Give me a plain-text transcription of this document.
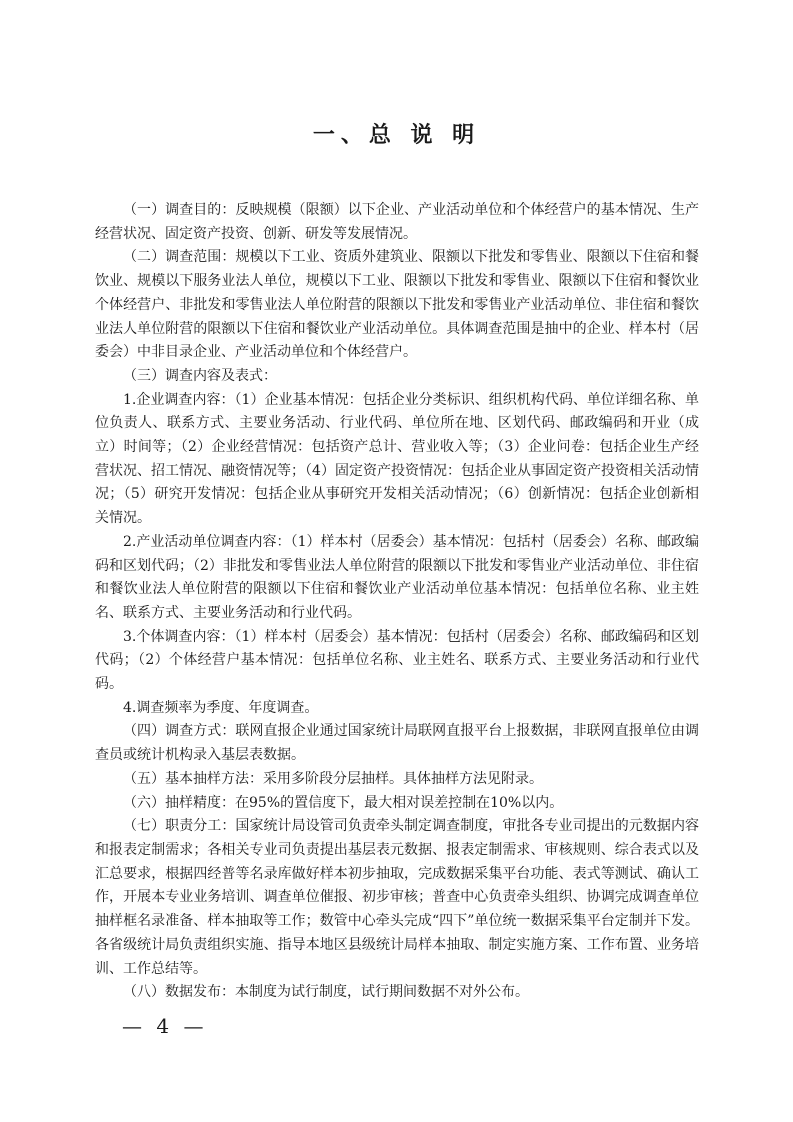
一、总 说 明

（一）调查目的：反映规模（限额）以下企业、产业活动单位和个体经营户的基本情况、生产经营状况、固定资产投资、创新、研发等发展情况。

（二）调查范围：规模以下工业、资质外建筑业、限额以下批发和零售业、限额以下住宿和餐饮业、规模以下服务业法人单位，规模以下工业、限额以下批发和零售业、限额以下住宿和餐饮业个体经营户、非批发和零售业法人单位附营的限额以下批发和零售业产业活动单位、非住宿和餐饮业法人单位附营的限额以下住宿和餐饮业产业活动单位。具体调查范围是抽中的企业、样本村（居委会）中非目录企业、产业活动单位和个体经营户。

（三）调查内容及表式：

1.企业调查内容：（1）企业基本情况：包括企业分类标识、组织机构代码、单位详细名称、单位负责人、联系方式、主要业务活动、行业代码、单位所在地、区划代码、邮政编码和开业（成立）时间等；（2）企业经营情况：包括资产总计、营业收入等；（3）企业问卷：包括企业生产经营状况、招工情况、融资情况等；（4）固定资产投资情况：包括企业从事固定资产投资相关活动情况；（5）研究开发情况：包括企业从事研究开发相关活动情况；（6）创新情况：包括企业创新相关情况。

2.产业活动单位调查内容：（1）样本村（居委会）基本情况：包括村（居委会）名称、邮政编码和区划代码；（2）非批发和零售业法人单位附营的限额以下批发和零售业产业活动单位、非住宿和餐饮业法人单位附营的限额以下住宿和餐饮业产业活动单位基本情况：包括单位名称、业主姓名、联系方式、主要业务活动和行业代码。

3.个体调查内容：（1）样本村（居委会）基本情况：包括村（居委会）名称、邮政编码和区划代码；（2）个体经营户基本情况：包括单位名称、业主姓名、联系方式、主要业务活动和行业代码。

4.调查频率为季度、年度调查。

（四）调查方式：联网直报企业通过国家统计局联网直报平台上报数据，非联网直报单位由调查员或统计机构录入基层表数据。

（五）基本抽样方法：采用多阶段分层抽样。具体抽样方法见附录。

（六）抽样精度：在95%的置信度下，最大相对误差控制在10%以内。

（七）职责分工：国家统计局设管司负责牵头制定调查制度，审批各专业司提出的元数据内容和报表定制需求；各相关专业司负责提出基层表元数据、报表定制需求、审核规则、综合表式以及汇总要求，根据四经普等名录库做好样本初步抽取，完成数据采集平台功能、表式等测试、确认工作，开展本专业业务培训、调查单位催报、初步审核；普查中心负责牵头组织、协调完成调查单位抽样框名录准备、样本抽取等工作；数管中心牵头完成“四下”单位统一数据采集平台定制并下发。各省级统计局负责组织实施、指导本地区县级统计局样本抽取、制定实施方案、工作布置、业务培训、工作总结等。

（八）数据发布：本制度为试行制度，试行期间数据不对外公布。

— 4 —
